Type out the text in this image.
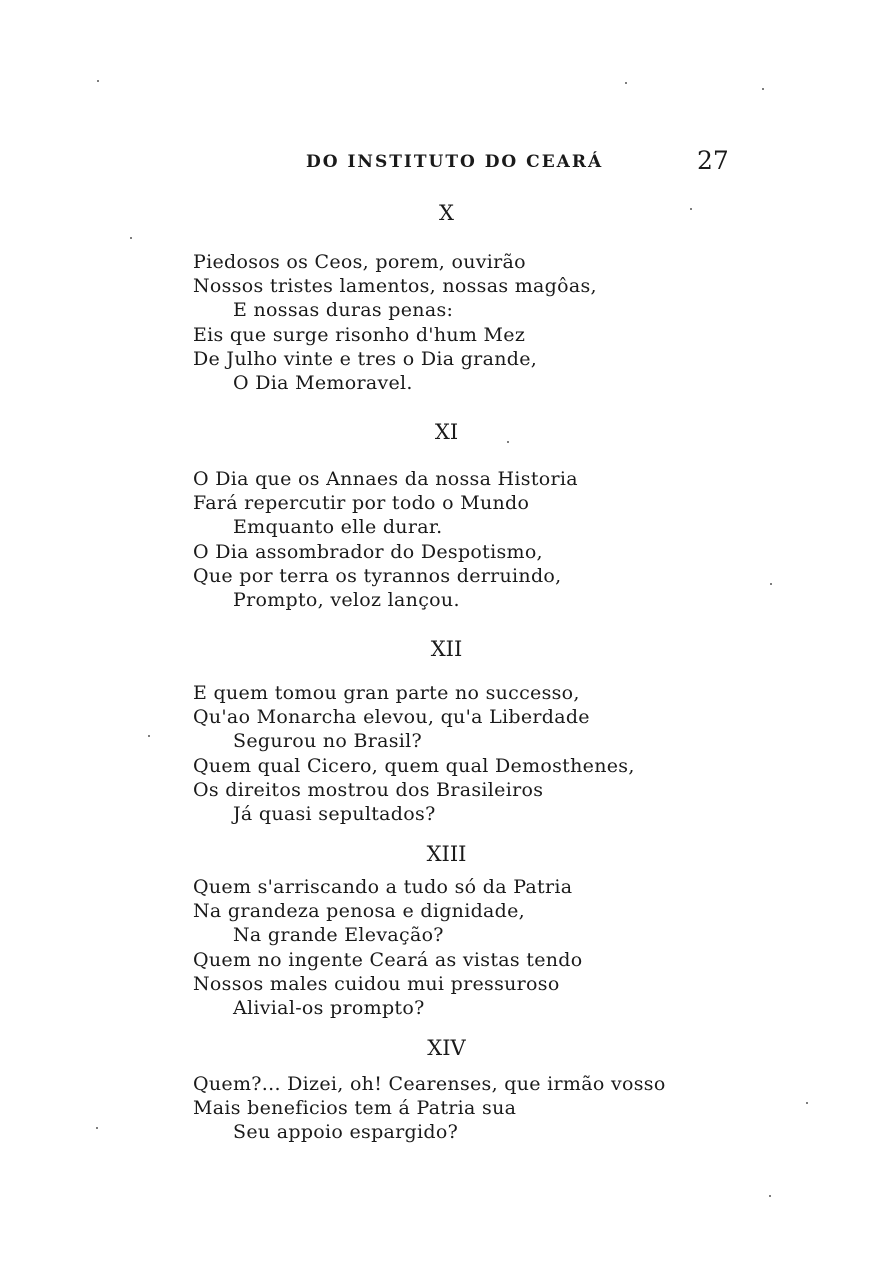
DO INSTITUTO DO CEARÁ	27
X
Piedosos os Ceos, porem, ouvirão
Nossos tristes lamentos, nossas magôas,
E nossas duras penas:
Eis que surge risonho d'hum Mez
De Julho vinte e tres o Dia grande,
O Dia Memoravel.
XI
O Dia que os Annaes da nossa Historia
Fará repercutir por todo o Mundo
Emquanto elle durar.
O Dia assombrador do Despotismo,
Que por terra os tyrannos derruindo,
Prompto, veloz lançou.
XII
E quem tomou gran parte no successo,
Qu'ao Monarcha elevou, qu'a Liberdade
Segurou no Brasil?
Quem qual Cicero, quem qual Demosthenes,
Os direitos mostrou dos Brasileiros
Já quasi sepultados?
XIII
Quem s'arriscando a tudo só da Patria
Na grandeza penosa e dignidade,
Na grande Elevação?
Quem no ingente Ceará as vistas tendo
Nossos males cuidou mui pressuroso
Alivial-os prompto?
XIV
Quem?... Dizei, oh! Cearenses, que irmão vosso
Mais beneficios tem á Patria sua
Seu appoio espargido?
